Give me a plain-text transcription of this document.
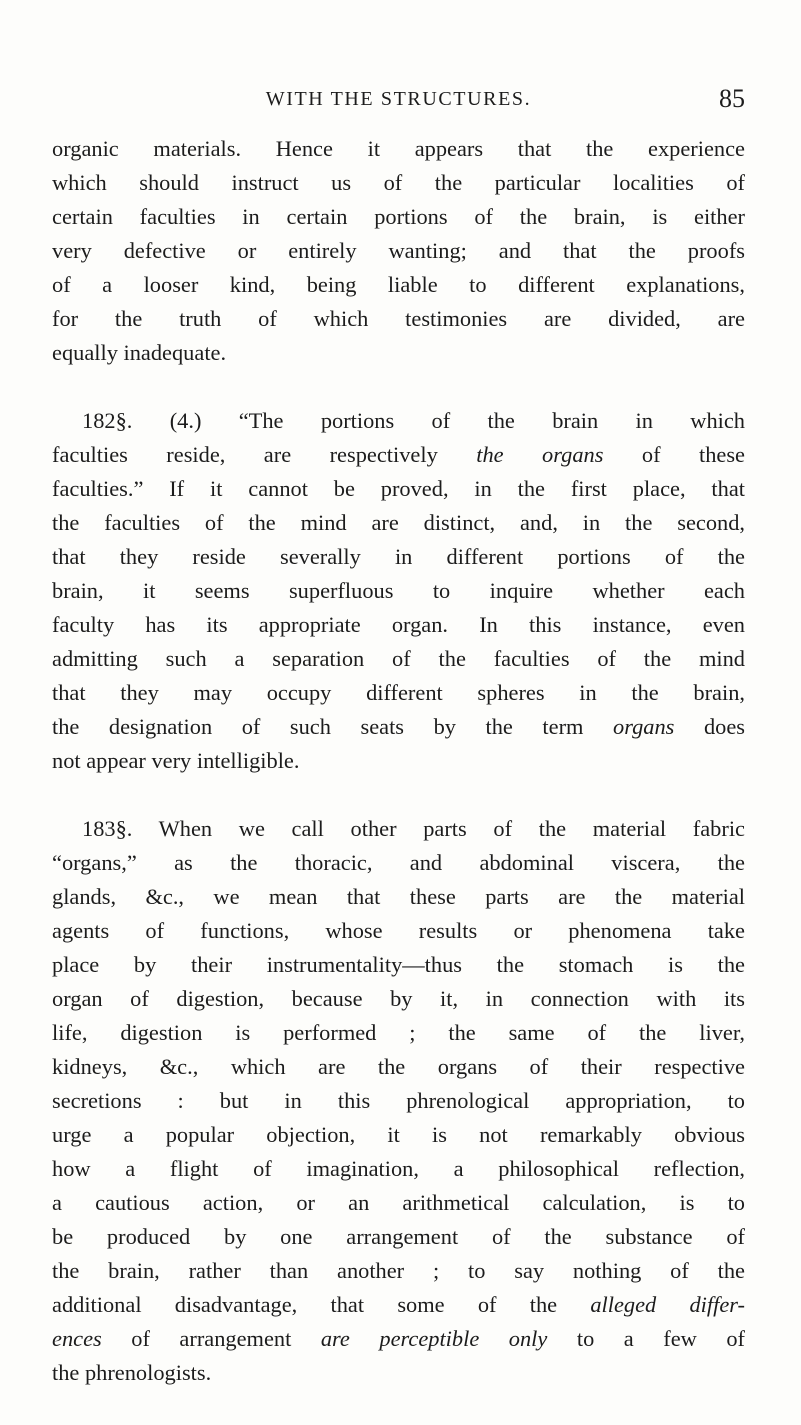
WITH THE STRUCTURES.	85
organic materials. Hence it appears that the experience
which should instruct us of the particular localities of
certain faculties in certain portions of the brain, is either
very defective or entirely wanting; and that the proofs
of a looser kind, being liable to different explanations,
for the truth of which testimonies are divided, are
equally inadequate.
182§. (4.) “The portions of the brain in which
faculties reside, are respectively the organs of these
faculties.” If it cannot be proved, in the first place, that
the faculties of the mind are distinct, and, in the second,
that they reside severally in different portions of the
brain, it seems superfluous to inquire whether each
faculty has its appropriate organ. In this instance, even
admitting such a separation of the faculties of the mind
that they may occupy different spheres in the brain,
the designation of such seats by the term organs does
not appear very intelligible.
183§. When we call other parts of the material fabric
“organs,” as the thoracic, and abdominal viscera, the
glands, &c., we mean that these parts are the material
agents of functions, whose results or phenomena take
place by their instrumentality—thus the stomach is the
organ of digestion, because by it, in connection with its
life, digestion is performed ; the same of the liver,
kidneys, &c., which are the organs of their respective
secretions : but in this phrenological appropriation, to
urge a popular objection, it is not remarkably obvious
how a flight of imagination, a philosophical reflection,
a cautious action, or an arithmetical calculation, is to
be produced by one arrangement of the substance of
the brain, rather than another ; to say nothing of the
additional disadvantage, that some of the alleged differ-
ences of arrangement are perceptible only to a few of
the phrenologists.
